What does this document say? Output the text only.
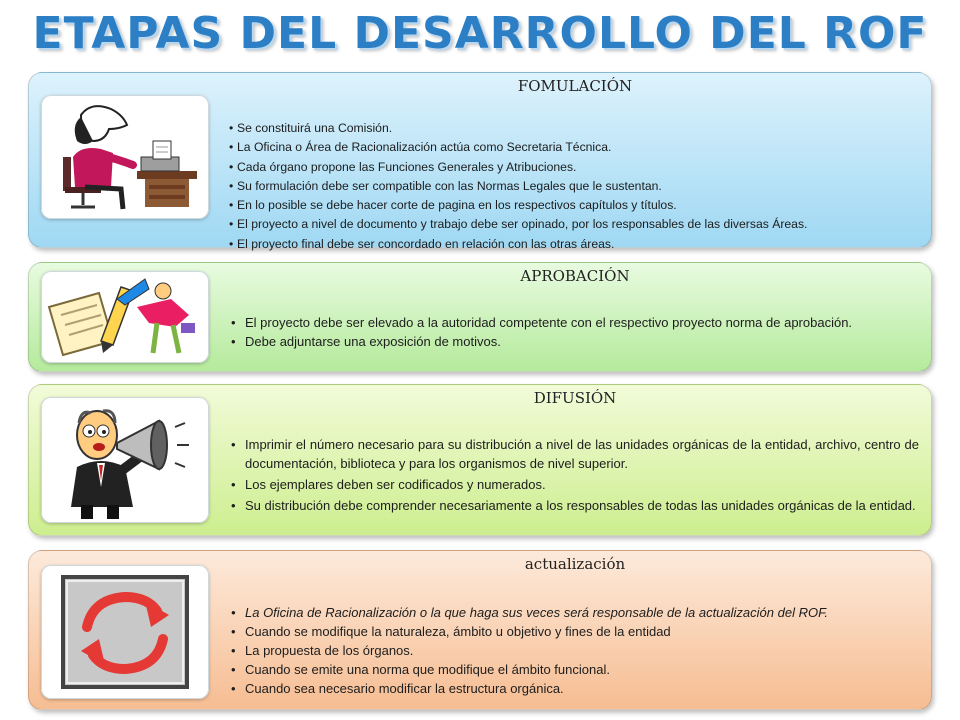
ETAPAS DEL DESARROLLO DEL ROF
FOMULACIÓN
• Se constituirá una Comisión.
• La Oficina o Área de Racionalización actúa como Secretaria Técnica.
• Cada órgano propone las Funciones Generales y Atribuciones.
• Su formulación debe ser compatible con las Normas Legales que le sustentan.
• En lo posible se debe hacer corte de pagina en los respectivos capítulos y títulos.
• El proyecto a nivel de documento y trabajo debe ser opinado, por los responsables de las diversas Áreas.
• El proyecto final debe ser concordado en relación con las otras áreas.
APROBACIÓN
• El proyecto debe ser elevado a la autoridad competente con el respectivo proyecto norma de aprobación.
• Debe adjuntarse una exposición de motivos.
DIFUSIÓN
• Imprimir el número necesario para su distribución a nivel de las unidades orgánicas de la entidad, archivo, centro de documentación, biblioteca y para los organismos de nivel superior.
• Los ejemplares deben ser codificados y numerados.
• Su distribución debe comprender necesariamente a los responsables de todas las unidades orgánicas de la entidad.
actualización
• La Oficina de Racionalización o la que haga sus veces será responsable de la actualización del ROF.
• Cuando se modifique la naturaleza, ámbito u objetivo y fines de la entidad
• La propuesta de los órganos.
• Cuando se emite una norma que modifique el ámbito funcional.
• Cuando sea necesario modificar la estructura orgánica.
